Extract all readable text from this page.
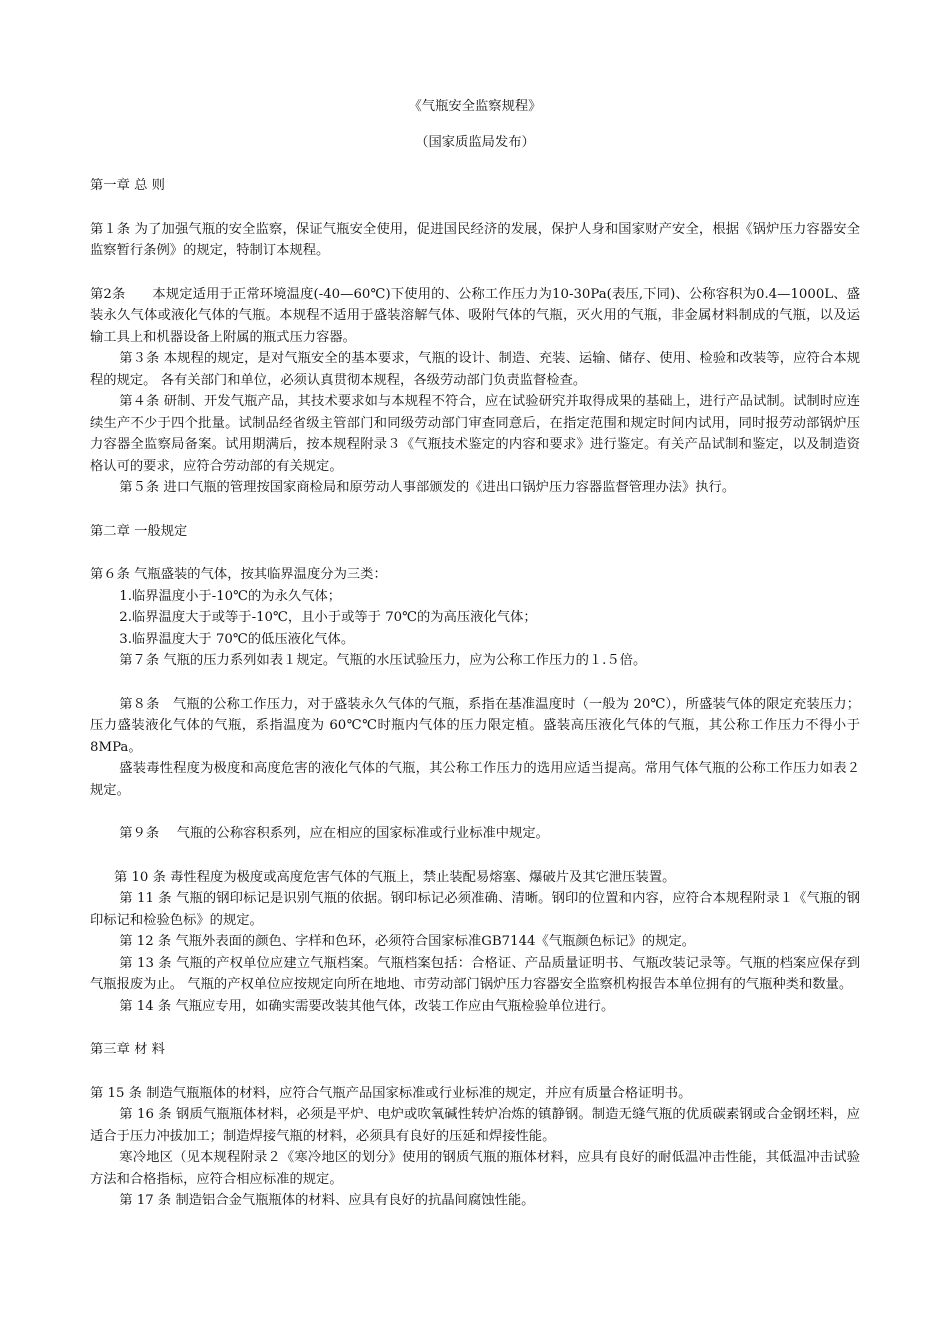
《气瓶安全监察规程》
（国家质监局发布）
第一章 总 则

第１条 为了加强气瓶的安全监察，保证气瓶安全使用，促进国民经济的发展，保护人身和国家财产安全，根据《锅炉压力容器安全监察暂行条例》的规定，特制订本规程。

第2条　　本规定适用于正常环境温度(-40—60℃)下使用的、公称工作压力为10-30Pa(表压,下同)、公称容积为0.4—1000L、盛装永久气体或液化气体的气瓶。本规程不适用于盛装溶解气体、吸附气体的气瓶，灭火用的气瓶，非金属材料制成的气瓶，以及运输工具上和机器设备上附属的瓶式压力容器。

第３条 本规程的规定，是对气瓶安全的基本要求，气瓶的设计、制造、充装、运输、储存、使用、检验和改装等，应符合本规程的规定。 各有关部门和单位，必须认真贯彻本规程，各级劳动部门负责监督检查。

第４条 研制、开发气瓶产品，其技术要求如与本规程不符合，应在试验研究并取得成果的基础上，进行产品试制。试制时应连续生产不少于四个批量。试制品经省级主管部门和同级劳动部门审查同意后，在指定范围和规定时间内试用，同时报劳动部锅炉压力容器全监察局备案。试用期满后，按本规程附录３《气瓶技术鉴定的内容和要求》进行鉴定。有关产品试制和鉴定，以及制造资格认可的要求，应符合劳动部的有关规定。

第５条 进口气瓶的管理按国家商检局和原劳动人事部颁发的《进出口锅炉压力容器监督管理办法》执行。

第二章 一般规定

第６条 气瓶盛装的气体，按其临界温度分为三类：

1.临界温度小于-10℃的为永久气体；

2.临界温度大于或等于-10℃，且小于或等于 70℃的为高压液化气体；

3.临界温度大于 70℃的低压液化气体。

第７条 气瓶的压力系列如表１规定。气瓶的水压试验压力，应为公称工作压力的１.５倍。

第８条　气瓶的公称工作压力，对于盛装永久气体的气瓶，系指在基准温度时（一般为 20℃），所盛装气体的限定充装压力；压力盛装液化气体的气瓶，系指温度为 60℃℃时瓶内气体的压力限定植。盛装高压液化气体的气瓶，其公称工作压力不得小于 8MPa。

盛装毒性程度为极度和高度危害的液化气体的气瓶，其公称工作压力的选用应适当提高。常用气体气瓶的公称工作压力如表２规定。

第９条　 气瓶的公称容积系列，应在相应的国家标准或行业标准中规定。

第 10 条 毒性程度为极度或高度危害气体的气瓶上，禁止装配易熔塞、爆破片及其它泄压装置。

第 11 条 气瓶的钢印标记是识别气瓶的依据。钢印标记必须准确、清晰。钢印的位置和内容，应符合本规程附录１《气瓶的钢印标记和检验色标》的规定。

第 12 条 气瓶外表面的颜色、字样和色环，必须符合国家标准GB7144《气瓶颜色标记》的规定。

第 13 条 气瓶的产权单位应建立气瓶档案。气瓶档案包括：合格证、产品质量证明书、气瓶改装记录等。气瓶的档案应保存到气瓶报废为止。 气瓶的产权单位应按规定向所在地地、市劳动部门锅炉压力容器安全监察机构报告本单位拥有的气瓶种类和数量。

第 14 条 气瓶应专用，如确实需要改装其他气体，改装工作应由气瓶检验单位进行。

第三章 材 料

第 15 条 制造气瓶瓶体的材料，应符合气瓶产品国家标准或行业标准的规定，并应有质量合格证明书。

第 16 条 钢质气瓶瓶体材料，必须是平炉、电炉或吹氧碱性转炉冶炼的镇静钢。制造无缝气瓶的优质碳素钢或合金钢坯料，应适合于压力冲拔加工；制造焊接气瓶的材料，必须具有良好的压延和焊接性能。

寒冷地区（见本规程附录２《寒冷地区的划分》使用的钢质气瓶的瓶体材料，应具有良好的耐低温冲击性能，其低温冲击试验方法和合格指标，应符合相应标准的规定。

第 17 条 制造铝合金气瓶瓶体的材料、应具有良好的抗晶间腐蚀性能。
